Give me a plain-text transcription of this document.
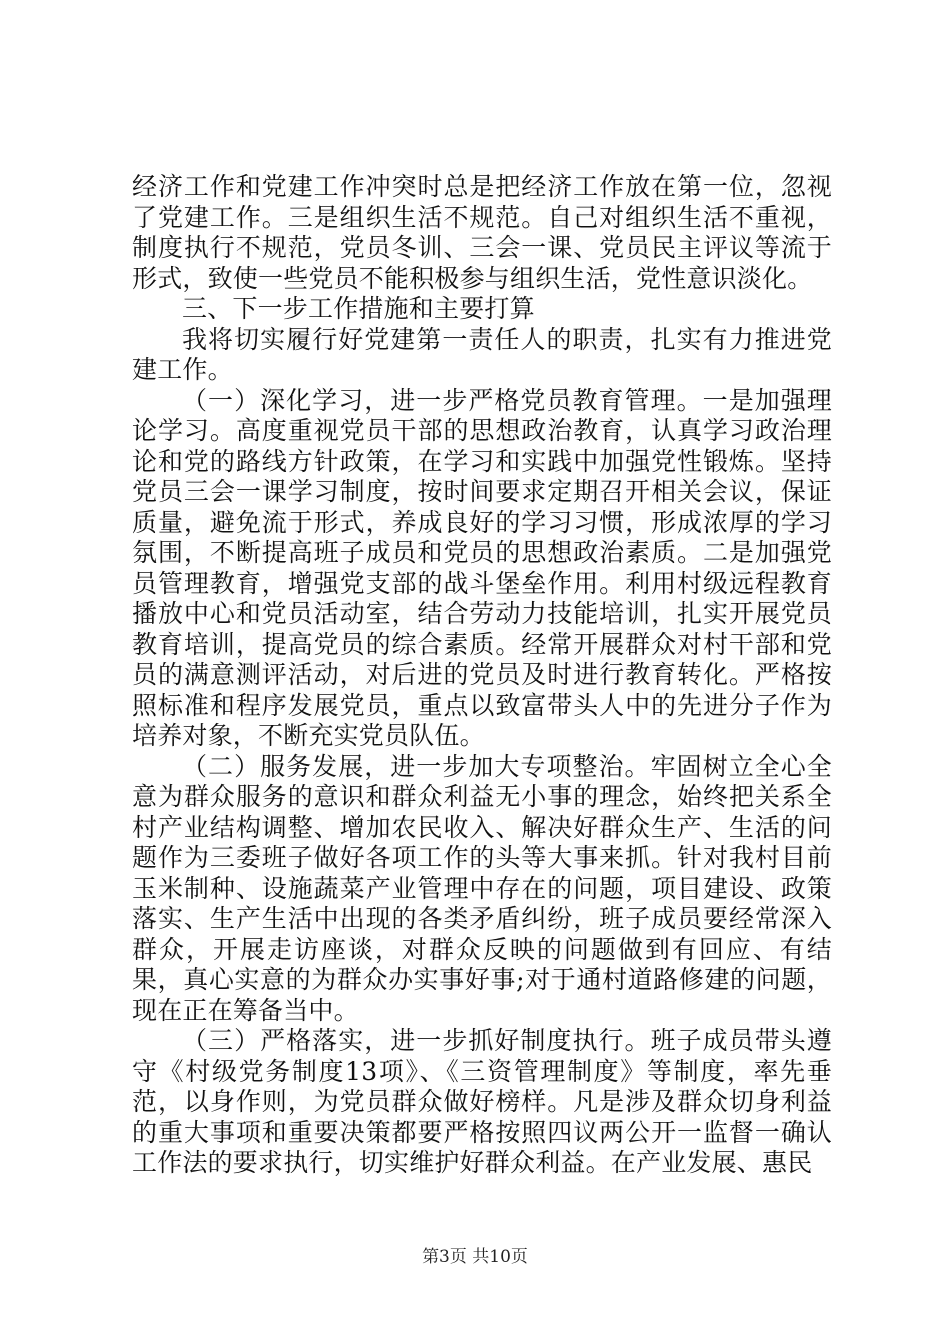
经济工作和党建工作冲突时总是把经济工作放在第一位，忽视了党建工作。三是组织生活不规范。自己对组织生活不重视，制度执行不规范，党员冬训、三会一课、党员民主评议等流于形式，致使一些党员不能积极参与组织生活，党性意识淡化。

三、下一步工作措施和主要打算

我将切实履行好党建第一责任人的职责，扎实有力推进党建工作。

（一）深化学习，进一步严格党员教育管理。一是加强理论学习。高度重视党员干部的思想政治教育，认真学习政治理论和党的路线方针政策，在学习和实践中加强党性锻炼。坚持党员三会一课学习制度，按时间要求定期召开相关会议，保证质量，避免流于形式，养成良好的学习习惯，形成浓厚的学习氛围，不断提高班子成员和党员的思想政治素质。二是加强党员管理教育，增强党支部的战斗堡垒作用。利用村级远程教育播放中心和党员活动室，结合劳动力技能培训，扎实开展党员教育培训，提高党员的综合素质。经常开展群众对村干部和党员的满意测评活动，对后进的党员及时进行教育转化。严格按照标准和程序发展党员，重点以致富带头人中的先进分子作为培养对象，不断充实党员队伍。

（二）服务发展，进一步加大专项整治。牢固树立全心全意为群众服务的意识和群众利益无小事的理念，始终把关系全村产业结构调整、增加农民收入、解决好群众生产、生活的问题作为三委班子做好各项工作的头等大事来抓。针对我村目前玉米制种、设施蔬菜产业管理中存在的问题，项目建设、政策落实、生产生活中出现的各类矛盾纠纷，班子成员要经常深入群众，开展走访座谈，对群众反映的问题做到有回应、有结果，真心实意的为群众办实事好事;对于通村道路修建的问题，现在正在筹备当中。

（三）严格落实，进一步抓好制度执行。班子成员带头遵守《村级党务制度13项》、《三资管理制度》等制度，率先垂范，以身作则，为党员群众做好榜样。凡是涉及群众切身利益的重大事项和重要决策都要严格按照四议两公开一监督一确认工作法的要求执行，切实维护好群众利益。在产业发展、惠民

第3页 共10页
